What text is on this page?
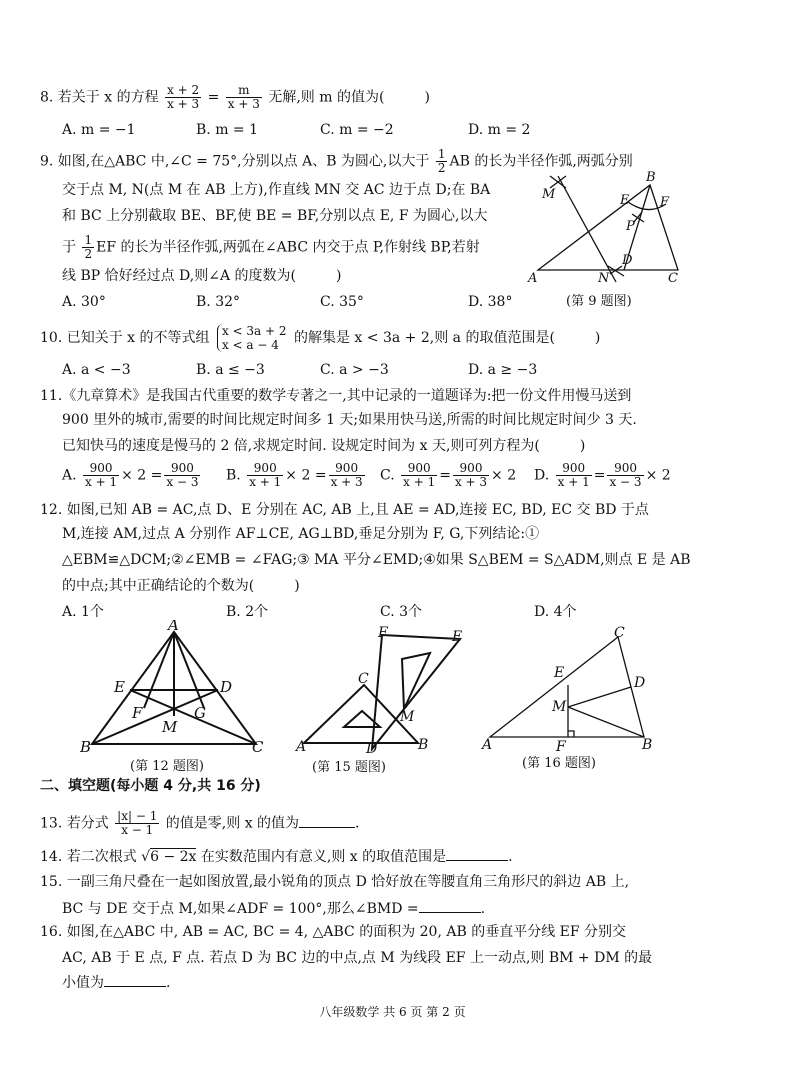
8. 若关于 x 的方程 $\frac{x + 2}{x + 3} = \frac{m}{x + 3}$ 无解,则 m 的值为(	)
A. m = −1	B. m = 1	C. m = −2	D. m = 2
9. 如图,在△ABC 中,∠C = 75°,分别以点 A、B 为圆心,以大于 $\frac{1}{2}$ AB 的长为半径作弧,两弧分别
交于点 M, N(点 M 在 AB 上方),作直线 MN 交 AC 边于点 D;在 BA
和 BC 上分别截取 BE、BF,使 BE = BF,分别以点 E, F 为圆心,以大
于 $\frac{1}{2}$ EF 的长为半径作弧,两弧在∠ABC 内交于点 P,作射线 BP,若射
线 BP 恰好经过点 D,则∠A 的度数为(	)
A. 30°	B. 32°	C. 35°	D. 38°
M
B
E F
P
D
A	N	C
(第 9 题图)
10. 已知关于 x 的不等式组 x < 3a + 2
x < a − 4	的解集是 x < 3a + 2,则 a 的取值范围是(	)
A. a < −3	B. a ≤ −3	C. a > −3	D. a ≥ −3
11.《九章算术》是我国古代重要的数学专著之一,其中记录的一道题译为:把一份文件用慢马送到
900 里外的城市,需要的时间比规定时间多 1 天;如果用快马送,所需的时间比规定时间少 3 天.
已知快马的速度是慢马的 2 倍,求规定时间. 设规定时间为 x 天,则可列方程为(	)
A. $\frac{900}{x + 1} \times 2 = \frac{900}{x - 3} B$. $\frac{900}{x + 1} \times 2 = \frac{900}{x + 3} C$. $\frac{900}{x + 1} = \frac{900}{x + 3} \times 2$ D. $\frac{900}{x + 1} = \frac{900}{x - 3} \times 2$
12. 如图,已知 AB = AC,点 D、E 分别在 AC, AB 上,且 AE = AD,连接 EC, BD, EC 交 BD 于点
M,连接 AM,过点 A 分别作 AF⊥CE, AG⊥BD,垂足分别为 F, G,下列结论:①
△EBM≌△DCM;②∠EMB = ∠FAG;③ MA 平分∠EMD;④如果 S△BEM = S△ADM,则点 E 是 AB
的中点;其中正确结论的个数为(	)
A. 1个	B. 2个	C. 3个	D. 4个
A
E	D
F	G
M
B	C
(第 12 题图)
F	E
C
M
A	D	B
(第 15 题图)
C
E
D
M
A	F	B
(第 16 题图)
二、填空题(每小题 4 分,共 16 分)
13. 若分式 $\frac{|x| - 1}{x - 1}$ 的值是零,则 x 的值为	.
14. 若二次根式 √6 − 2x 在实数范围内有意义,则 x 的取值范围是	.
15. 一副三角尺叠在一起如图放置,最小锐角的顶点 D 恰好放在等腰直角三角形尺的斜边 AB 上,
BC 与 DE 交于点 M,如果∠ADF = 100°,那么∠BMD =	.
16. 如图,在△ABC 中, AB = AC, BC = 4, △ABC 的面积为 20, AB 的垂直平分线 EF 分别交
AC, AB 于 E 点, F 点. 若点 D 为 BC 边的中点,点 M 为线段 EF 上一动点,则 BM + DM 的最
小值为	.
八年级数学 共 6 页 第 2 页
